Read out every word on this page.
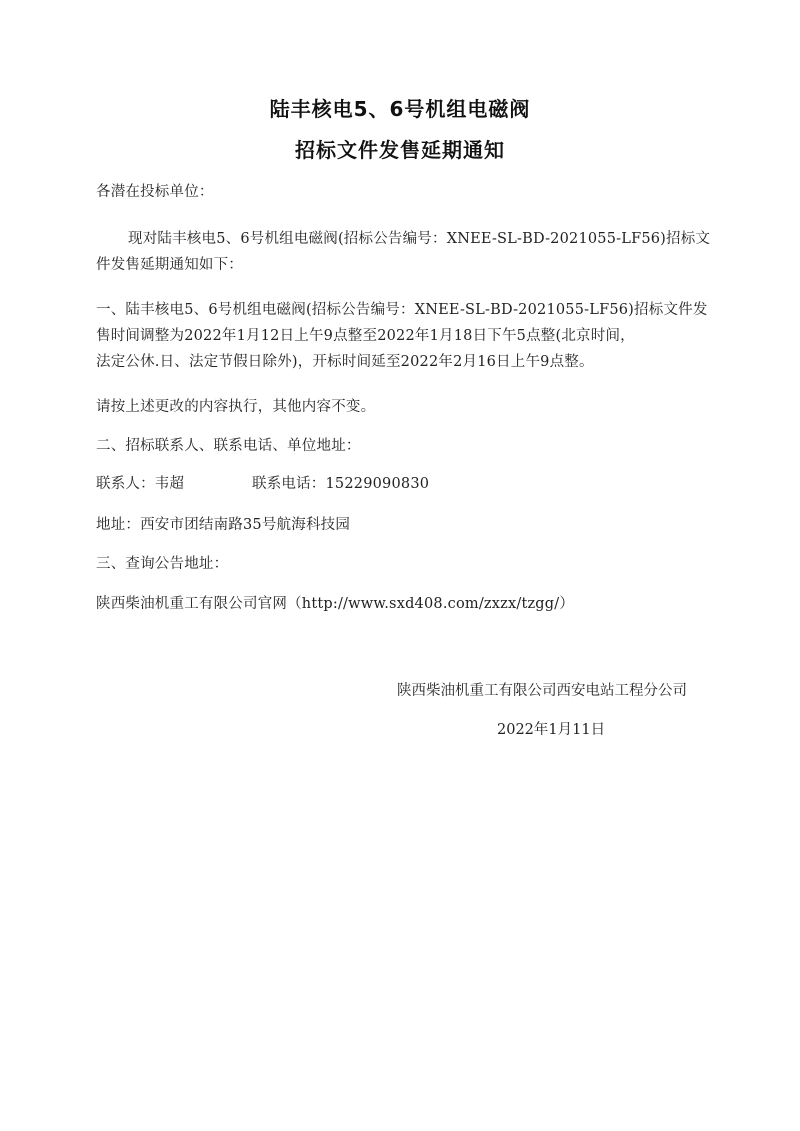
陆丰核电5、6号机组电磁阀
招标文件发售延期通知
各潜在投标单位：
现对陆丰核电5、6号机组电磁阀(招标公告编号：XNEE-SL-BD-2021055-LF56)招标文
件发售延期通知如下：
一、陆丰核电5、6号机组电磁阀(招标公告编号：XNEE-SL-BD-2021055-LF56)招标文件发
售时间调整为2022年1月12日上午9点整至2022年1月18日下午5点整(北京时间，
法定公休.日、法定节假日除外)，开标时间延至2022年2月16日上午9点整。
请按上述更改的内容执行，其他内容不变。
二、招标联系人、联系电话、单位地址：
联系人：韦超	联系电话：15229090830
地址：西安市团结南路35号航海科技园
三、查询公告地址：
陕西柴油机重工有限公司官网（http://www.sxd408.com/zxzx/tzgg/）
陕西柴油机重工有限公司西安电站工程分公司
2022年1月11日
